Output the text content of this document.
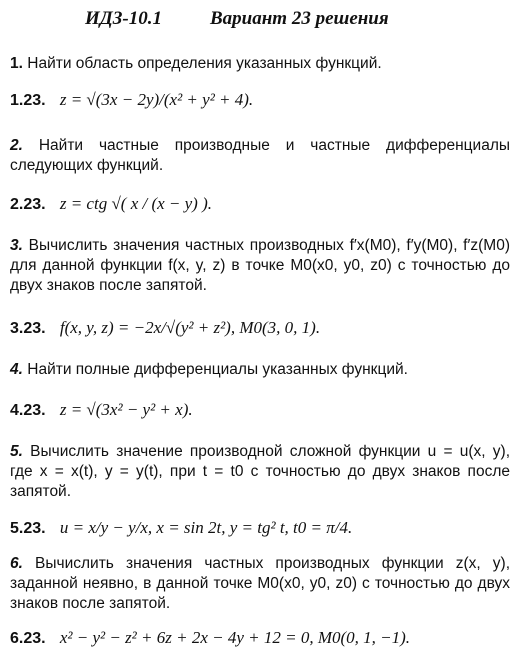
ИДЗ-10.1	Вариант 23 решения
1. Найти область определения указанных функций.
1.23. z = √(3x − 2y)/(x² + y² + 4).
2. Найти частные производные и частные дифференциалы следующих функций.
2.23. z = ctg √( x / (x − y) ).
3. Вычислить значения частных производных f′x(M0), f′y(M0), f′z(M0) для данной функции f(x, y, z) в точке M0(x0, y0, z0) с точностью до двух знаков после запятой.
3.23. f(x, y, z) = −2x/√(y² + z²), M0(3, 0, 1).
4. Найти полные дифференциалы указанных функций.
4.23. z = √(3x² − y² + x).
5. Вычислить значение производной сложной функции u = u(x, y), где x = x(t), y = y(t), при t = t0 с точностью до двух знаков после запятой.
5.23. u = x/y − y/x, x = sin 2t, y = tg² t, t0 = π/4.
6. Вычислить значения частных производных функции z(x, y), заданной неявно, в данной точке M0(x0, y0, z0) с точностью до двух знаков после запятой.
6.23. x² − y² − z² + 6z + 2x − 4y + 12 = 0, M0(0, 1, −1).
